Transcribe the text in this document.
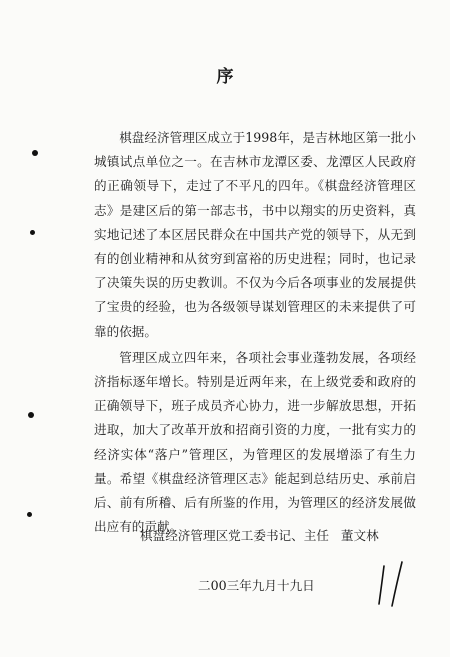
序

棋盘经济管理区成立于1998年，是吉林地区第一批小城镇试点单位之一。在吉林市龙潭区委、龙潭区人民政府的正确领导下，走过了不平凡的四年。《棋盘经济管理区志》是建区后的第一部志书，书中以翔实的历史资料，真实地记述了本区居民群众在中国共产党的领导下，从无到有的创业精神和从贫穷到富裕的历史进程；同时，也记录了决策失误的历史教训。不仅为今后各项事业的发展提供了宝贵的经验，也为各级领导谋划管理区的未来提供了可靠的依据。

管理区成立四年来，各项社会事业蓬勃发展，各项经济指标逐年增长。特别是近两年来，在上级党委和政府的正确领导下，班子成员齐心协力，进一步解放思想，开拓进取，加大了改革开放和招商引资的力度，一批有实力的经济实体“落户”管理区，为管理区的发展增添了有生力量。希望《棋盘经济管理区志》能起到总结历史、承前启后、前有所稽、后有所鉴的作用，为管理区的经济发展做出应有的贡献。

棋盘经济管理区党工委书记、主任 董文林
二00三年九月十九日
